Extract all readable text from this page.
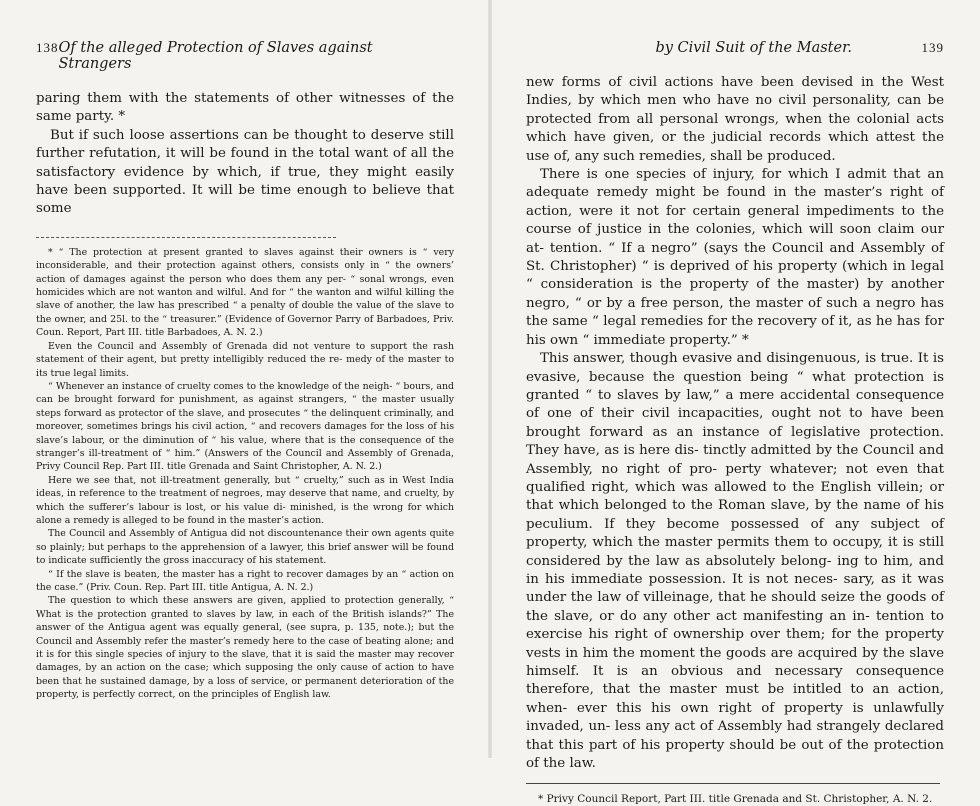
138 Of the alleged Protection of Slaves against Strangers

paring them with the statements of other witnesses of the same party. *

But if such loose assertions can be thought to deserve still further refutation, it will be found in the total want of all the satisfactory evidence by which, if true, they might easily have been supported. It will be time enough to believe that some

* “ The protection at present granted to slaves against their owners is “ very inconsiderable, and their protection against others, consists only in “ the owners’ action of damages against the person who does them any per- “ sonal wrongs, even homicides which are not wanton and wilful. And for “ the wanton and wilful killing the slave of another, the law has prescribed “ a penalty of double the value of the slave to the owner, and 25l. to the “ treasurer.” (Evidence of Governor Parry of Barbadoes, Priv. Coun. Report, Part III. title Barbadoes, A. N. 2.)

Even the Council and Assembly of Grenada did not venture to support the rash statement of their agent, but pretty intelligibly reduced the re- medy of the master to its true legal limits.

“ Whenever an instance of cruelty comes to the knowledge of the neigh- “ bours, and can be brought forward for punishment, as against strangers, “ the master usually steps forward as protector of the slave, and prosecutes “ the delinquent criminally, and moreover, sometimes brings his civil action, “ and recovers damages for the loss of his slave’s labour, or the diminution of “ his value, where that is the consequence of the stranger’s ill-treatment of “ him.” (Answers of the Council and Assembly of Grenada, Privy Council Rep. Part III. title Grenada and Saint Christopher, A. N. 2.)

Here we see that, not ill-treatment generally, but “ cruelty,” such as in West India ideas, in reference to the treatment of negroes, may deserve that name, and cruelty, by which the sufferer’s labour is lost, or his value di- minished, is the wrong for which alone a remedy is alleged to be found in the master’s action.

The Council and Assembly of Antigua did not discountenance their own agents quite so plainly; but perhaps to the apprehension of a lawyer, this brief answer will be found to indicate sufficiently the gross inaccuracy of his statement.

“ If the slave is beaten, the master has a right to recover damages by an “ action on the case.” (Priv. Coun. Rep. Part III. title Antigua, A. N. 2.)

The question to which these answers are given, applied to protection generally, “ What is the protection granted to slaves by law, in each of the British islands?” The answer of the Antigua agent was equally general, (see supra, p. 135, note.); but the Council and Assembly refer the master’s remedy here to the case of beating alone; and it is for this single species of injury to the slave, that it is said the master may recover damages, by an action on the case; which supposing the only cause of action to have been that he sustained damage, by a loss of service, or permanent deterioration of the property, is perfectly correct, on the principles of English law.

by Civil Suit of the Master.	139

new forms of civil actions have been devised in the West Indies, by which men who have no civil personality, can be protected from all personal wrongs, when the colonial acts which have given, or the judicial records which attest the use of, any such remedies, shall be produced.

There is one species of injury, for which I admit that an adequate remedy might be found in the master’s right of action, were it not for certain general impediments to the course of justice in the colonies, which will soon claim our at- tention. “ If a negro” (says the Council and Assembly of St. Christopher) “ is deprived of his property (which in legal “ consideration is the property of the master) by another negro, “ or by a free person, the master of such a negro has the same “ legal remedies for the recovery of it, as he has for his own “ immediate property.” *

This answer, though evasive and disingenuous, is true. It is evasive, because the question being “ what protection is granted “ to slaves by law,” a mere accidental consequence of one of their civil incapacities, ought not to have been brought forward as an instance of legislative protection. They have, as is here dis- tinctly admitted by the Council and Assembly, no right of pro- perty whatever; not even that qualified right, which was allowed to the English villein; or that which belonged to the Roman slave, by the name of his peculium. If they become possessed of any subject of property, which the master permits them to occupy, it is still considered by the law as absolutely belong- ing to him, and in his immediate possession. It is not neces- sary, as it was under the law of villeinage, that he should seize the goods of the slave, or do any other act manifesting an in- tention to exercise his right of ownership over them; for the property vests in him the moment the goods are acquired by the slave himself. It is an obvious and necessary consequence therefore, that the master must be intitled to an action, when- ever this his own right of property is unlawfully invaded, un- less any act of Assembly had strangely declared that this part of his property should be out of the protection of the law.

* Privy Council Report, Part III. title Grenada and St. Christopher, A. N. 2.
